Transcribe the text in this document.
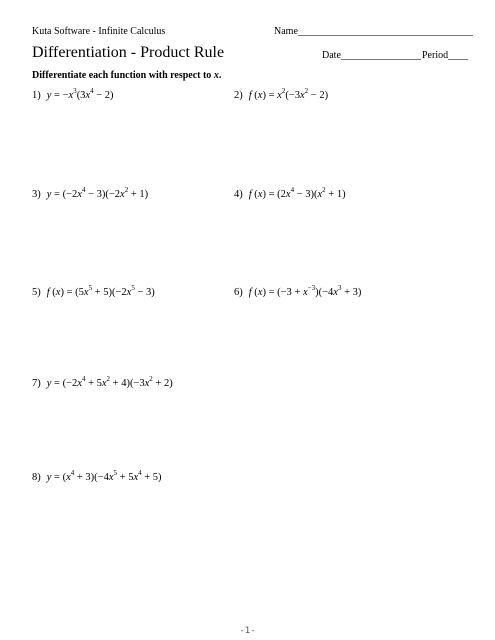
Kuta Software - Infinite Calculus	Name___________________________________
Differentiation - Product Rule	Date________________ Period____
Differentiate each function with respect to x.
1) $y = -x^3(3x^4 - 2)$	2) f $(x) = x^2(-3x^2 - 2)$
3) $y = (-2x^4 - 3)(-2x^2 + 1)$	4) f $(x) = (2x^4 - 3)(x^2 + 1)$
5) f $(x) = (5x^5 + 5)(-2x^5 - 3)$	6) f $(x) = (-3 + x^{-3})(-4x^3 + 3)$
7) $y = (-2x^4 + 5x^2 + 4)(-3x^2 + 2)$
8) $y = (x^4 + 3)(-4x^5 + 5x^4 + 5)$
-1-
